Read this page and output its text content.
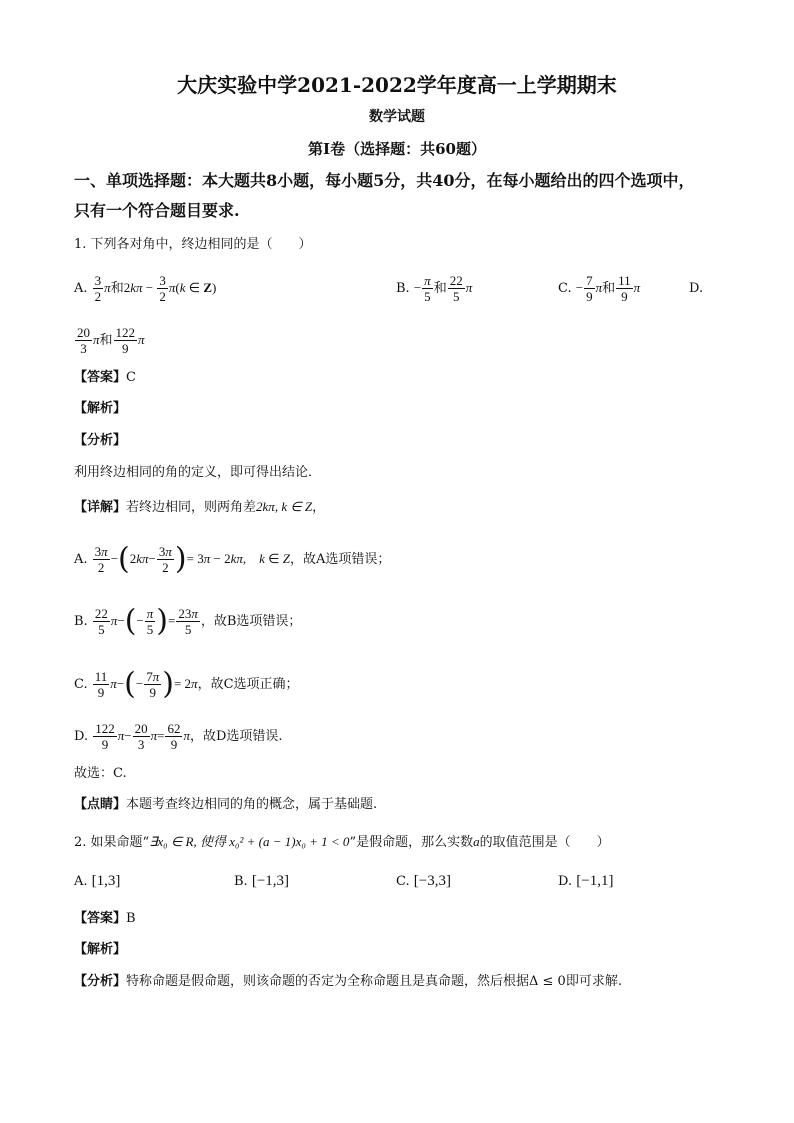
大庆实验中学2021-2022学年度高一上学期期末
数学试题
第I卷（选择题：共60题）
一、单项选择题：本大题共8小题，每小题5分，共40分，在每小题给出的四个选项中，
只有一个符合题目要求.
1. 下列各对角中，终边相同的是（　　）
A. $\frac{3}{2}$ π和$2k\pi - \frac{3}{2} \pi(k$ ∈ Z)	B. − $\frac{\pi}{5}$ 和 $\frac{22}{5}$ π	C. − $\frac{7}{9}$ π和 $\frac{11}{9}$ π	D.
$\frac{20}{3}$ π和 $\frac{122}{9}$ π
【答案】C
【解析】
【分析】
利用终边相同的角的定义，即可得出结论．
【详解】若终边相同，则两角差2kπ, k ∈ Z，
A. $\frac{3\pi}{2} -(2k\pi- \frac{3\pi}{2}$ )= 3π − 2kπ,　k ∈ Z，故A选项错误；
B. $\frac{22}{5} \pi-(- \frac{\pi}{5}$ )= $\frac{23\pi}{5}$ ，故B选项错误；
C. $\frac{11}{9} \pi-(- \frac{7\pi}{9}$ )= 2π，故C选项正确；
D. $\frac{122}{9} \pi- \frac{20}{3} \pi= \frac{62}{9}$ π，故D选项错误.
故选：C.
【点睛】本题考查终边相同的角的概念，属于基础题.
2. 如果命题“∃x₀ ∈ R, 使得 x₀² + (a − 1)x₀ + 1 < 0”是假命题，那么实数a的取值范围是（　　）
A. [1,3]	B. [−1,3]	C. [−3,3]	D. [−1,1]
【答案】B
【解析】
【分析】特称命题是假命题，则该命题的否定为全称命题且是真命题，然后根据Δ ≤ 0即可求解.
